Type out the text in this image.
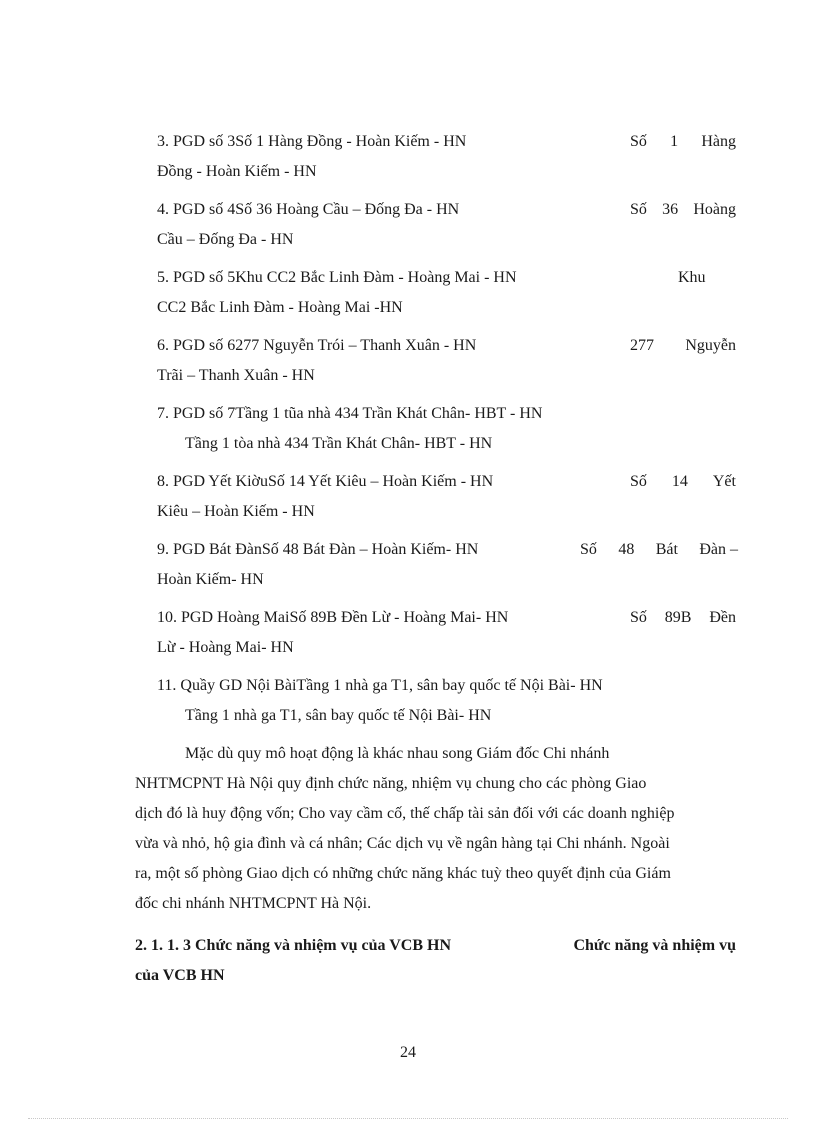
3. PGD số 3Số 1 Hàng Đồng - Hoàn Kiếm - HN	Số 1 Hàng
Đồng - Hoàn Kiếm - HN
4. PGD số 4Số 36 Hoàng Cầu – Đống Đa - HN	Số 36 Hoàng
Cầu – Đống Đa - HN
5. PGD số 5Khu CC2 Bắc Linh Đàm - Hoàng Mai - HN	Khu
CC2 Bắc Linh Đàm - Hoàng Mai -HN
6. PGD số 6277 Nguyễn Trói – Thanh Xuân - HN	277 Nguyễn
Trãi – Thanh Xuân - HN
7. PGD số 7Tầng 1 tũa nhà 434 Trần Khát Chân- HBT - HN
Tầng 1 tòa nhà 434 Trần Khát Chân- HBT - HN
8. PGD Yết KiờuSố 14 Yết Kiêu – Hoàn Kiếm - HN	Số 14 Yết
Kiêu – Hoàn Kiếm - HN
9. PGD Bát ĐànSố 48 Bát Đàn – Hoàn Kiếm- HN	Số 48 Bát Đàn –
Hoàn Kiếm- HN
10. PGD Hoàng MaiSố 89B Đền Lừ - Hoàng Mai- HN	Số 89B Đền
Lừ - Hoàng Mai- HN
11. Quầy GD Nội BàiTầng 1 nhà ga T1, sân bay quốc tế Nội Bài- HN
Tầng 1 nhà ga T1, sân bay quốc tế Nội Bài- HN
Mặc dù quy mô hoạt động là khác nhau song Giám đốc Chi nhánh
NHTMCPNT Hà Nội quy định chức năng, nhiệm vụ chung cho các phòng Giao
dịch đó là huy động vốn; Cho vay cầm cố, thế chấp tài sản đối với các doanh nghiệp
vừa và nhỏ, hộ gia đình và cá nhân; Các dịch vụ về ngân hàng tại Chi nhánh. Ngoài
ra, một số phòng Giao dịch có những chức năng khác tuỳ theo quyết định của Giám
đốc chi nhánh NHTMCPNT Hà Nội.
2. 1. 1. 3 Chức năng và nhiệm vụ của VCB HN	Chức năng và nhiệm vụ
của VCB HN
24
